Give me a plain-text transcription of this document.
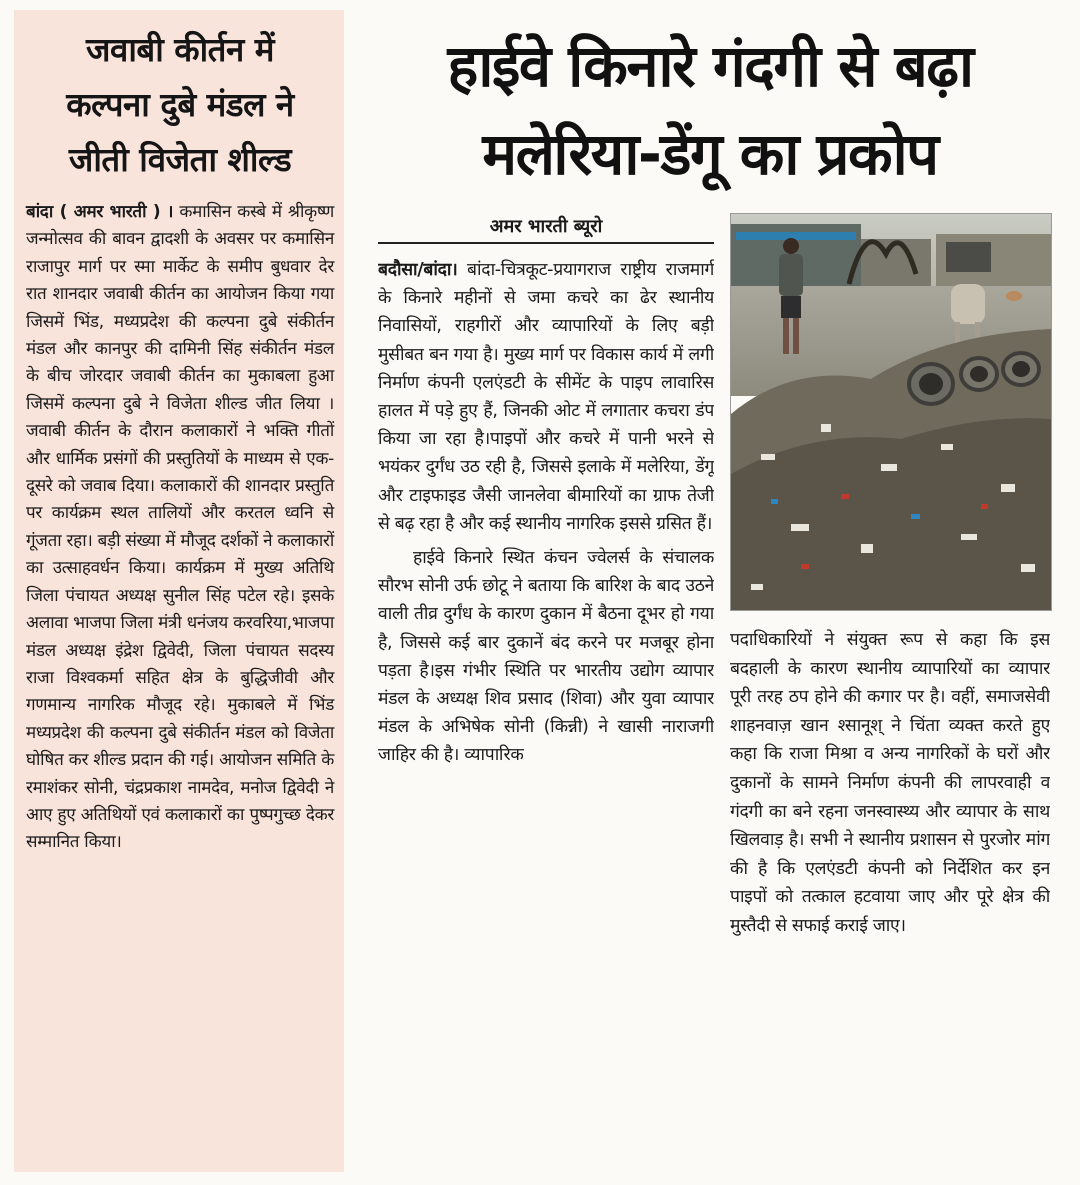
जवाबी कीर्तन में
कल्पना दुबे मंडल ने
जीती विजेता शील्ड
बांदा ( अमर भारती ) । कमासिन कस्बे में श्रीकृष्ण जन्मोत्सव की बावन द्वादशी के अवसर पर कमासिन राजापुर मार्ग पर स्मा मार्केट के समीप बुधवार देर रात शानदार जवाबी कीर्तन का आयोजन किया गया जिसमें भिंड, मध्यप्रदेश की कल्पना दुबे संकीर्तन मंडल और कानपुर की दामिनी सिंह संकीर्तन मंडल के बीच जोरदार जवाबी कीर्तन का मुकाबला हुआ जिसमें कल्पना दुबे ने विजेता शील्ड जीत लिया । जवाबी कीर्तन के दौरान कलाकारों ने भक्ति गीतों और धार्मिक प्रसंगों की प्रस्तुतियों के माध्यम से एक-दूसरे को जवाब दिया। कलाकारों की शानदार प्रस्तुति पर कार्यक्रम स्थल तालियों और करतल ध्वनि से गूंजता रहा। बड़ी संख्या में मौजूद दर्शकों ने कलाकारों का उत्साहवर्धन किया। कार्यक्रम में मुख्य अतिथि जिला पंचायत अध्यक्ष सुनील सिंह पटेल रहे। इसके अलावा भाजपा जिला मंत्री धनंजय करवरिया,भाजपा मंडल अध्यक्ष इंद्रेश द्विवेदी, जिला पंचायत सदस्य राजा विश्वकर्मा सहित क्षेत्र के बुद्धिजीवी और गणमान्य नागरिक मौजूद रहे। मुकाबले में भिंड मध्यप्रदेश की कल्पना दुबे संकीर्तन मंडल को विजेता घोषित कर शील्ड प्रदान की गई। आयोजन समिति के रमाशंकर सोनी, चंद्रप्रकाश नामदेव, मनोज द्विवेदी ने आए हुए अतिथियों एवं कलाकारों का पुष्पगुच्छ देकर सम्मानित किया।
हाईवे किनारे गंदगी से बढ़ा
मलेरिया-डेंगू का प्रकोप
अमर भारती ब्यूरो

बदौसा/बांदा। बांदा-चित्रकूट-प्रयागराज राष्ट्रीय राजमार्ग के किनारे महीनों से जमा कचरे का ढेर स्थानीय निवासियों, राहगीरों और व्यापारियों के लिए बड़ी मुसीबत बन गया है। मुख्य मार्ग पर विकास कार्य में लगी निर्माण कंपनी एलएंडटी के सीमेंट के पाइप लावारिस हालत में पड़े हुए हैं, जिनकी ओट में लगातार कचरा डंप किया जा रहा है।पाइपों और कचरे में पानी भरने से भयंकर दुर्गंध उठ रही है, जिससे इलाके में मलेरिया, डेंगू और टाइफाइड जैसी जानलेवा बीमारियों का ग्राफ तेजी से बढ़ रहा है और कई स्थानीय नागरिक इससे ग्रसित हैं।

हाईवे किनारे स्थित कंचन ज्वेलर्स के संचालक सौरभ सोनी उर्फ छोटू ने बताया कि बारिश के बाद उठने वाली तीव्र दुर्गंध के कारण दुकान में बैठना दूभर हो गया है, जिससे कई बार दुकानें बंद करने पर मजबूर होना पड़ता है।इस गंभीर स्थिति पर भारतीय उद्योग व्यापार मंडल के अध्यक्ष शिव प्रसाद (शिवा) और युवा व्यापार मंडल के अभिषेक सोनी (किन्नी) ने खासी नाराजगी जाहिर की है। व्यापारिक

पदाधिकारियों ने संयुक्त रूप से कहा कि इस बदहाली के कारण स्थानीय व्यापारियों का व्यापार पूरी तरह ठप होने की कगार पर है। वहीं, समाजसेवी शाहनवाज़ खान श्सानूश् ने चिंता व्यक्त करते हुए कहा कि राजा मिश्रा व अन्य नागरिकों के घरों और दुकानों के सामने निर्माण कंपनी की लापरवाही व गंदगी का बने रहना जनस्वास्थ्य और व्यापार के साथ खिलवाड़ है। सभी ने स्थानीय प्रशासन से पुरजोर मांग की है कि एलएंडटी कंपनी को निर्देशित कर इन पाइपों को तत्काल हटवाया जाए और पूरे क्षेत्र की मुस्तैदी से सफाई कराई जाए।
